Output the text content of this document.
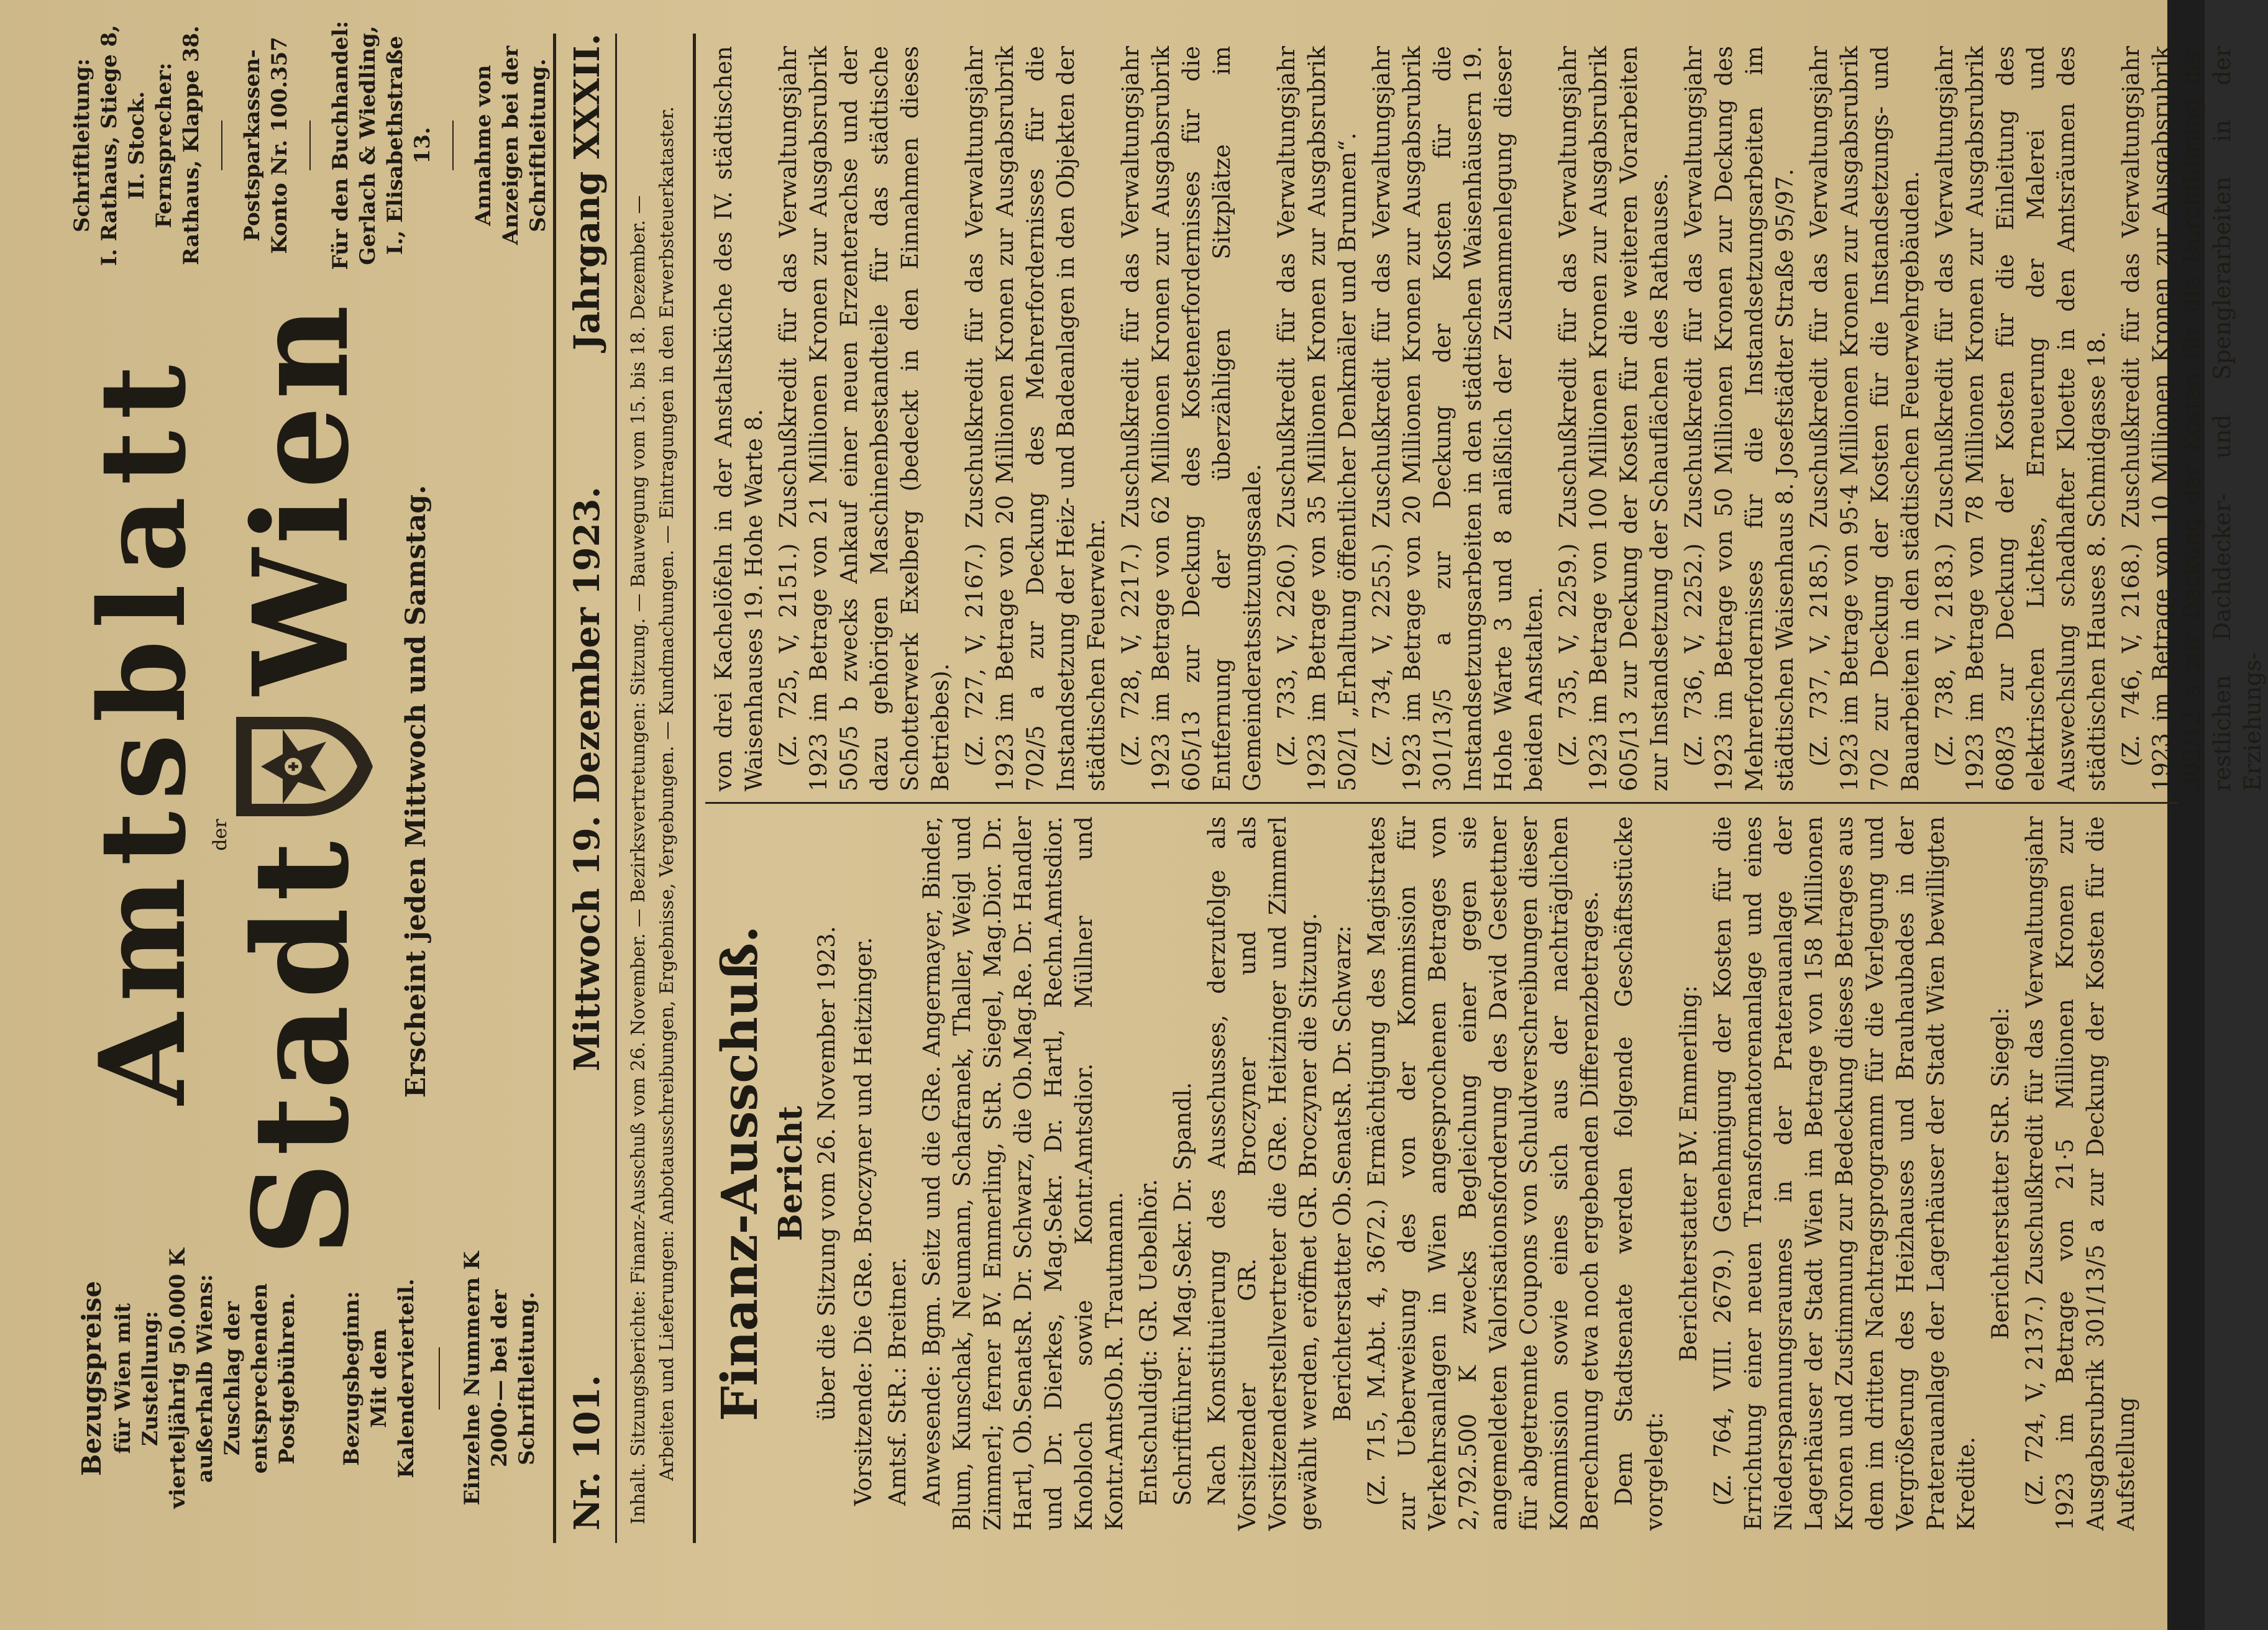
Bezugspreise für Wien mit Zustellung: vierteljährig 50.000 K außerhalb Wiens: Zuschlag der entsprechenden Postgebühren. Bezugsbeginn: Mit dem Kalendervierteil. Einzelne Nummern K 2000·— bei der Schriftleitung.
Amtsblatt
der
Stadt
Wien Erscheint jeden Mittwoch und Samstag.
Schriftleitung: I. Rathaus, Stiege 8, II. Stock. Fernsprecher: Rathaus, Klappe 38. Postsparkassen-Konto Nr. 100.357 Für den Buchhandel: Gerlach & Wiedling, I., Elisabethstraße 13. Annahme von Anzeigen bei der Schriftleitung.
Nr. 101.
Mittwoch 19. Dezember 1923.
Jahrgang XXXII.
Inhalt. Sitzungsberichte: Finanz-Ausschuß vom 26. November. — Bezirksvertretungen: Sitzung. — Bauwegung vom 15. bis 18. Dezember. — Arbeiten und Lieferungen: Anbotausschreibungen, Ergebnisse, Vergebungen. — Kundmachungen. — Eintragungen in den Erwerbsteuerkataster. Finanz-Ausschuß. Bericht über die Sitzung vom 26. November 1923. Vorsitzende: Die GRe. Broczyner und Heitzinger. Amtsf. StR.: Breitner. Anwesende: Bgm. Seitz und die GRe. Angermayer, Binder, Blum, Kunschak, Neumann, Schafranek, Thaller, Weigl und Zimmerl; ferner BV. Emmerling, StR. Siegel, Mag.Dior. Dr. Hartl, Ob.SenatsR. Dr. Schwarz, die Ob.Mag.Re. Dr. Handler und Dr. Dierkes, Mag.Sekr. Dr. Hartl, Rechn.Amtsdior. Knobloch sowie Kontr.Amtsdior. Müllner und Kontr.AmtsOb.R. Trautmann. Entschuldigt: GR. Uebelhör. Schriftführer: Mag.Sekr. Dr. Spandl. Nach Konstituierung des Ausschusses, derzufolge als Vorsitzender GR. Broczyner und als Vorsitzenderstellvertreter die GRe. Heitzinger und Zimmerl gewählt werden, eröffnet GR. Broczyner die Sitzung. Berichterstatter Ob.SenatsR. Dr. Schwarz: (Z. 715, M.Abt. 4, 3672.) Ermächtigung des Magistrates zur Ueberweisung des von der Kommission für Verkehrsanlagen in Wien angesprochenen Betrages von 2,792.500 K zwecks Begleichung einer gegen sie angemeldeten Valorisationsforderung des David Gestettner für abgetrennte Coupons von Schuldverschreibungen dieser Kommission sowie eines sich aus der nachträglichen Berechnung etwa noch ergebenden Differenzbetrages. Dem Stadtsenate werden folgende Geschäftsstücke vorgelegt:

Berichterstatter BV. Emmerling: (Z. 764, VIII. 2679.) Genehmigung der Kosten für die Errichtung einer neuen Transformatorenanlage und eines Niederspannungsraumes in der Praterauanlage der Lagerhäuser der Stadt Wien im Betrage von 158 Millionen Kronen und Zustimmung zur Bedeckung dieses Betrages aus dem im dritten Nachtragsprogramm für die Verlegung und Vergrößerung des Heizhauses und Brauhaubades in der Praterauanlage der Lagerhäuser der Stadt Wien bewilligten Kredite.

Berichterstatter StR. Siegel: (Z. 724, V, 2137.) Zuschußkredit für das Verwaltungsjahr 1923 im Betrage von 21·5 Millionen Kronen zur Ausgabsrubrik 301/13/5 a zur Deckung der Kosten für die Aufstellung

von drei Kachelöfeln in der Anstaltsküche des IV. städtischen Waisenhauses 19. Hohe Warte 8. (Z. 725, V, 2151.) Zuschußkredit für das Verwaltungsjahr 1923 im Betrage von 21 Millionen Kronen zur Ausgabsrubrik 505/5 b zwecks Ankauf einer neuen Erzenterachse und der dazu gehörigen Maschinenbestandteile für das städtische Schotterwerk Exelberg (bedeckt in den Einnahmen dieses Betriebes). (Z. 727, V, 2167.) Zuschußkredit für das Verwaltungsjahr 1923 im Betrage von 20 Millionen Kronen zur Ausgabsrubrik 702/5 a zur Deckung des Mehrerfordernisses für die Instandsetzung der Heiz- und Badeanlagen in den Objekten der städtischen Feuerwehr. (Z. 728, V, 2217.) Zuschußkredit für das Verwaltungsjahr 1923 im Betrage von 62 Millionen Kronen zur Ausgabsrubrik 605/13 zur Deckung des Kostenerfordernisses für die Entfernung der überzähligen Sitzplätze im Gemeinderatssitzungssaale. (Z. 733, V, 2260.) Zuschußkredit für das Verwaltungsjahr 1923 im Betrage von 35 Millionen Kronen zur Ausgabsrubrik 502/1 „Erhaltung öffentlicher Denkmäler und Brunnen“. (Z. 734, V, 2255.) Zuschußkredit für das Verwaltungsjahr 1923 im Betrage von 20 Millionen Kronen zur Ausgabsrubrik 301/13/5 a zur Deckung der Kosten für die Instandsetzungsarbeiten in den städtischen Waisenhäusern 19. Hohe Warte 3 und 8 anläßlich der Zusammenlegung dieser beiden Anstalten. (Z. 735, V, 2259.) Zuschußkredit für das Verwaltungsjahr 1923 im Betrage von 100 Millionen Kronen zur Ausgabsrubrik 605/13 zur Deckung der Kosten für die weiteren Vorarbeiten zur Instandsetzung der Schauflächen des Rathauses. (Z. 736, V, 2252.) Zuschußkredit für das Verwaltungsjahr 1923 im Betrage von 50 Millionen Kronen zur Deckung des Mehrerfordernisses für die Instandsetzungsarbeiten im städtischen Waisenhaus 8. Josefstädter Straße 95/97. (Z. 737, V, 2185.) Zuschußkredit für das Verwaltungsjahr 1923 im Betrage von 95·4 Millionen Kronen zur Ausgabsrubrik 702 zur Deckung der Kosten für die Instandsetzungs- und Bauarbeiten in den städtischen Feuerwehrgebäuden. (Z. 738, V, 2183.) Zuschußkredit für das Verwaltungsjahr 1923 im Betrage von 78 Millionen Kronen zur Ausgabsrubrik 608/3 zur Deckung der Kosten für die Einleitung des elektrischen Lichtes, Erneuerung der Malerei und Auswechslung schadhafter Kloette in den Amtsräumen des städtischen Hauses 8. Schmidgasse 18. (Z. 746, V, 2168.) Zuschußkredit für das Verwaltungsjahr 1923 im Betrage von 10 Millionen Kronen zur Ausgabsrubrik 302/12 a zur Deckung der Kosten für die Durchführung der restlichen Dachdecker- und Spenglerarbeiten in der Erziehungs-
